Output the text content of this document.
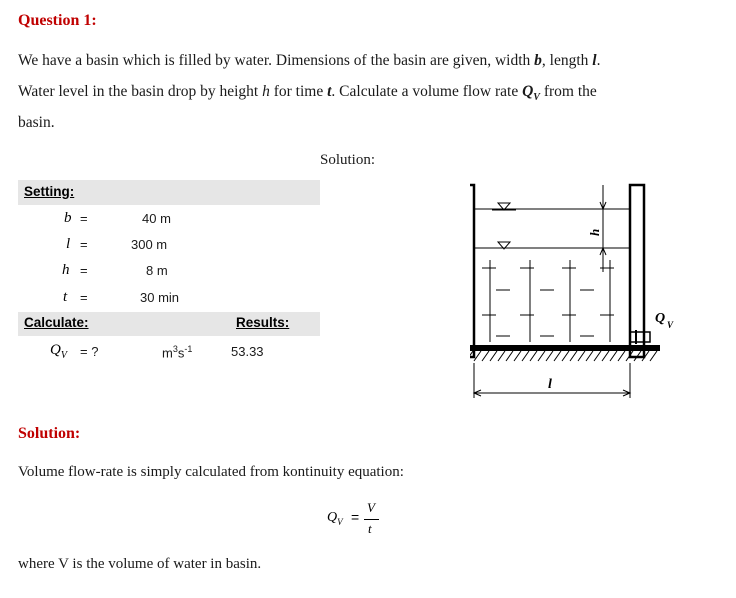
Question 1:
We have a basin which is filled by water. Dimensions of the basin are given, width b, length l.
Water level in the basin drop by height h for time t. Calculate a volume flow rate $Q_V$ from the
basin.
Solution:
Setting:
b =	40 m
l =	300 m
h =	8 m
t =	30 min
Calculate:	Results:
$Q_V$ = ?	$m^3s^{-1}$	53.33
h
Q V
l
Solution:
Volume flow-rate is simply calculated from kontinuity equation:
$Q_V$ =
V
t
where V is the volume of water in basin.
